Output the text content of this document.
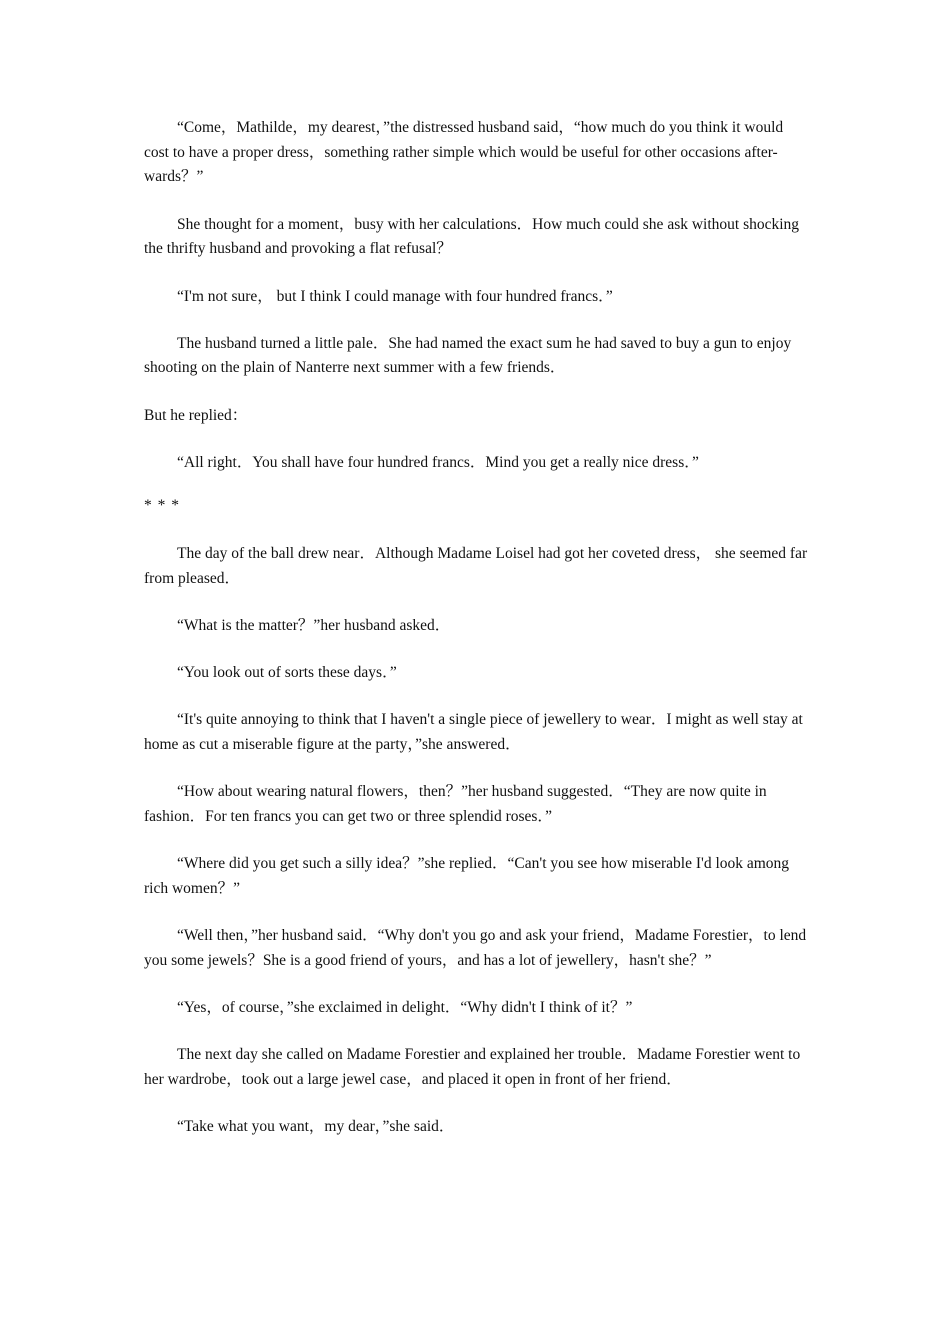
“Come，Mathilde，my dearest，”the distressed husband said，“how much do you think it would cost to have a proper dress，something rather simple which would be useful for other occasions after- wards？”

She thought for a moment，busy with her calculations．How much could she ask without shocking the thrifty husband and provoking a flat refusal？

“I'm not sure， but I think I could manage with four hundred francs．”

The husband turned a little pale．She had named the exact sum he had saved to buy a gun to enjoy shooting on the plain of Nanterre next summer with a few friends．

But he replied：

“All right．You shall have four hundred francs．Mind you get a really nice dress．”

* * *

The day of the ball drew near．Although Madame Loisel had got her coveted dress， she seemed far from pleased．

“What is the matter？”her husband asked．

“You look out of sorts these days．”

“It's quite annoying to think that I haven't a single piece of jewellery to wear．I might as well stay at home as cut a miserable figure at the party，”she answered．

“How about wearing natural flowers，then？”her husband suggested．“They are now quite in fashion．For ten francs you can get two or three splendid roses．”

“Where did you get such a silly idea？”she replied．“Can't you see how miserable I'd look among rich women？”

“Well then，”her husband said．“Why don't you go and ask your friend，Madame Forestier，to lend you some jewels？She is a good friend of yours，and has a lot of jewellery，hasn't she？”

“Yes，of course，”she exclaimed in delight．“Why didn't I think of it？”

The next day she called on Madame Forestier and explained her trouble．Madame Forestier went to her wardrobe，took out a large jewel case，and placed it open in front of her friend．

“Take what you want，my dear，”she said．
